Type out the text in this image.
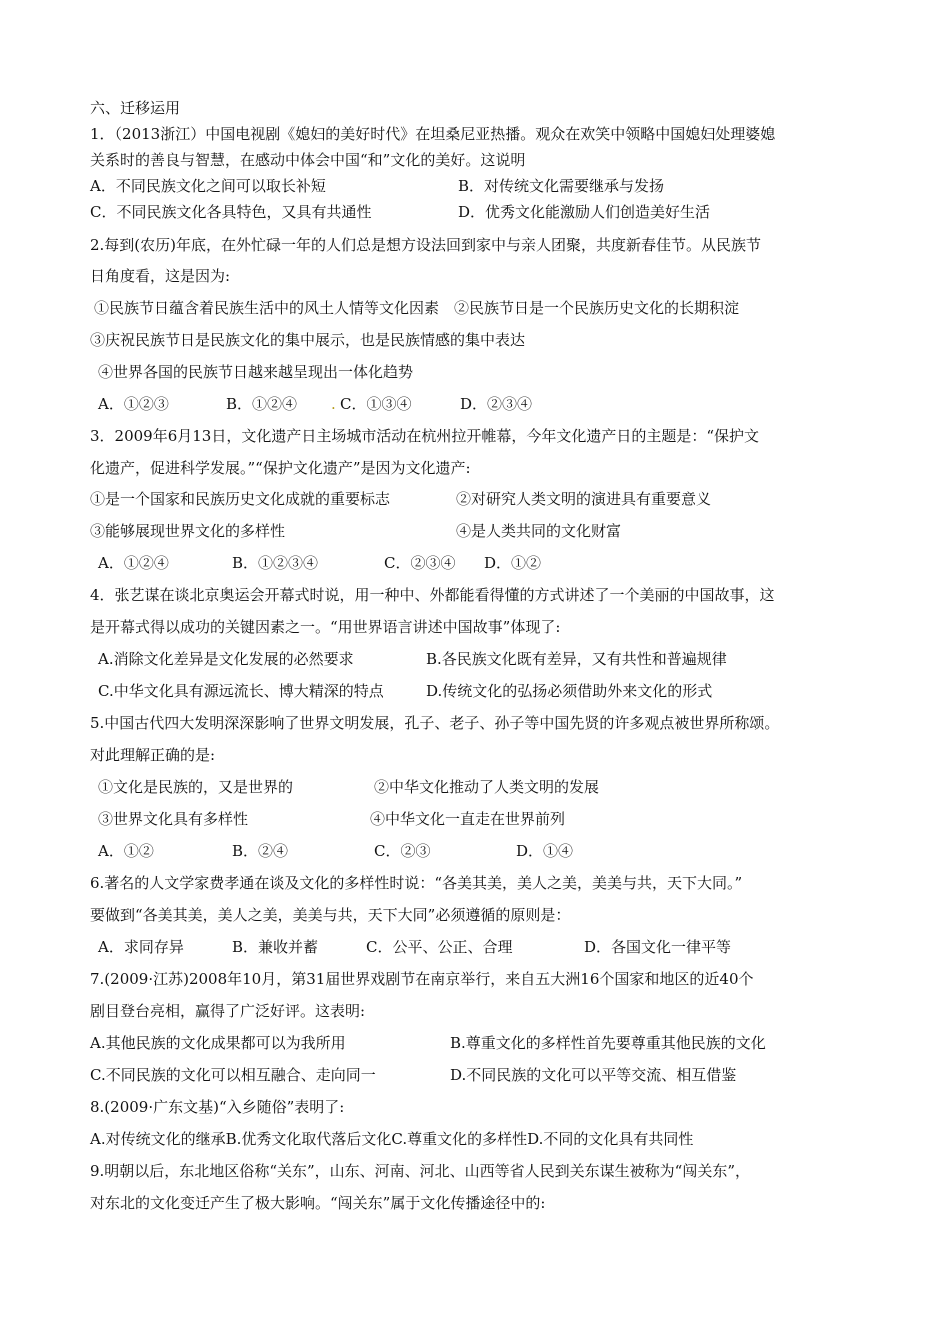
六、迁移运用
1．（2013浙江）中国电视剧《媳妇的美好时代》在坦桑尼亚热播。观众在欢笑中领略中国媳妇处理婆媳
关系时的善良与智慧，在感动中体会中国“和”文化的美好。这说明
A．不同民族文化之间可以取长补短	B．对传统文化需要继承与发扬
C．不同民族文化各具特色，又具有共通性	D．优秀文化能激励人们创造美好生活
2.每到(农历)年底，在外忙碌一年的人们总是想方设法回到家中与亲人团聚，共度新春佳节。从民族节
日角度看，这是因为:
①民族节日蕴含着民族生活中的风土人情等文化因素　②民族节日是一个民族历史文化的长期积淀
③庆祝民族节日是民族文化的集中展示，也是民族情感的集中表达
④世界各国的民族节日越来越呈现出一体化趋势
A．①②③	B．①②④ . C．①③④	D．②③④
3．2009年6月13日，文化遗产日主场城市活动在杭州拉开帷幕，今年文化遗产日的主题是：“保护文
化遗产，促进科学发展。”“保护文化遗产”是因为文化遗产:
①是一个国家和民族历史文化成就的重要标志	②对研究人类文明的演进具有重要意义
③能够展现世界文化的多样性	④是人类共同的文化财富
A．①②④	B．①②③④	C．②③④ D．①②
4．张艺谋在谈北京奥运会开幕式时说，用一种中、外都能看得懂的方式讲述了一个美丽的中国故事，这
是开幕式得以成功的关键因素之一。“用世界语言讲述中国故事”体现了:
A.消除文化差异是文化发展的必然要求	B.各民族文化既有差异，又有共性和普遍规律
C.中华文化具有源远流长、博大精深的特点	D.传统文化的弘扬必须借助外来文化的形式
5.中国古代四大发明深深影响了世界文明发展，孔子、老子、孙子等中国先贤的许多观点被世界所称颂。
对此理解正确的是:
①文化是民族的，又是世界的	②中华文化推动了人类文明的发展
③世界文化具有多样性	④中华文化一直走在世界前列
A．①②	B．②④	C．②③	D．①④
6.著名的人文学家费孝通在谈及文化的多样性时说：“各美其美，美人之美，美美与共，天下大同。”
要做到“各美其美，美人之美，美美与共，天下大同”必须遵循的原则是：
A．求同存异	B．兼收并蓄	C．公平、公正、合理	D．各国文化一律平等
7.(2009·江苏)2008年10月，第31届世界戏剧节在南京举行，来自五大洲16个国家和地区的近40个
剧目登台亮相，赢得了广泛好评。这表明:
A.其他民族的文化成果都可以为我所用	B.尊重文化的多样性首先要尊重其他民族的文化
C.不同民族的文化可以相互融合、走向同一	D.不同民族的文化可以平等交流、相互借鉴
8.(2009·广东文基)“入乡随俗”表明了:
A.对传统文化的继承B.优秀文化取代落后文化C.尊重文化的多样性D.不同的文化具有共同性
9.明朝以后，东北地区俗称“关东”，山东、河南、河北、山西等省人民到关东谋生被称为“闯关东”，
对东北的文化变迁产生了极大影响。“闯关东”属于文化传播途径中的:
